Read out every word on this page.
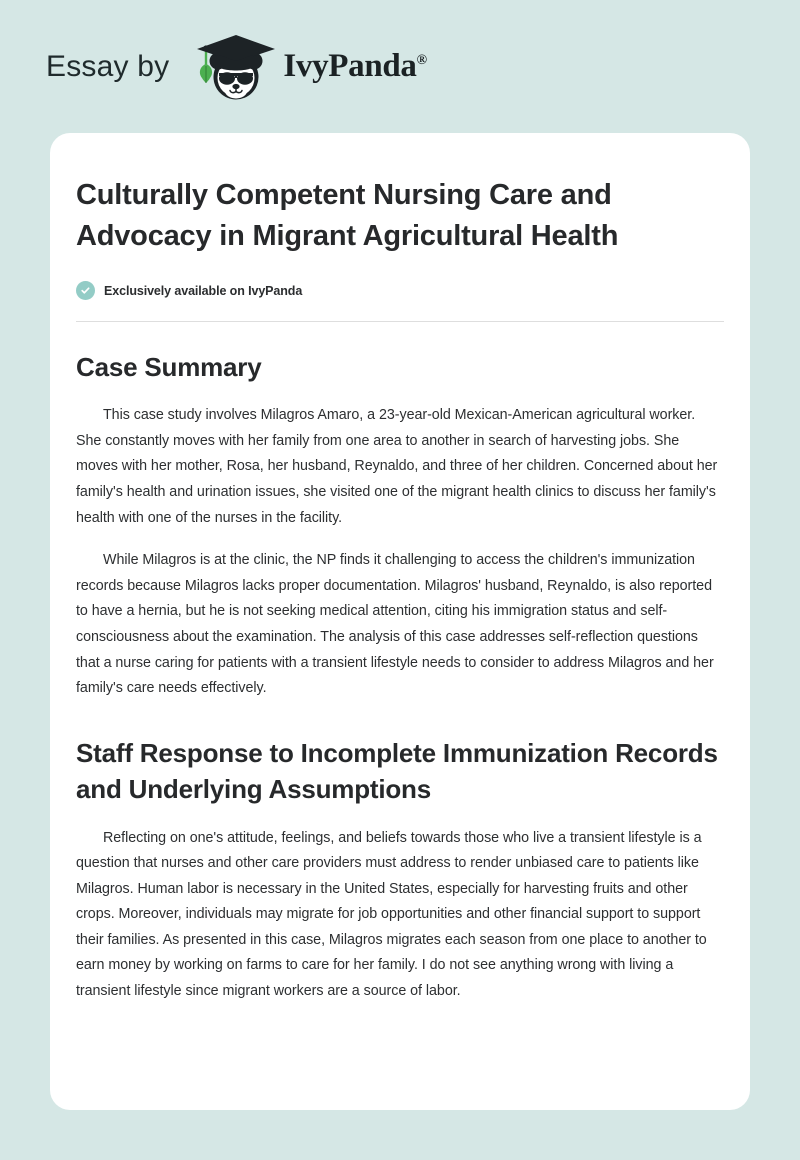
Essay by	IvyPanda®
Culturally Competent Nursing Care and Advocacy in Migrant Agricultural Health
Exclusively available on IvyPanda
Case Summary

This case study involves Milagros Amaro, a 23-year-old Mexican-American agricultural worker. She constantly moves with her family from one area to another in search of harvesting jobs. She moves with her mother, Rosa, her husband, Reynaldo, and three of her children. Concerned about her family's health and urination issues, she visited one of the migrant health clinics to discuss her family's health with one of the nurses in the facility.

While Milagros is at the clinic, the NP finds it challenging to access the children's immunization records because Milagros lacks proper documentation. Milagros' husband, Reynaldo, is also reported to have a hernia, but he is not seeking medical attention, citing his immigration status and self-consciousness about the examination. The analysis of this case addresses self-reflection questions that a nurse caring for patients with a transient lifestyle needs to consider to address Milagros and her family's care needs effectively.

Staff Response to Incomplete Immunization Records and Underlying Assumptions

Reflecting on one's attitude, feelings, and beliefs towards those who live a transient lifestyle is a question that nurses and other care providers must address to render unbiased care to patients like Milagros. Human labor is necessary in the United States, especially for harvesting fruits and other crops. Moreover, individuals may migrate for job opportunities and other financial support to support their families. As presented in this case, Milagros migrates each season from one place to another to earn money by working on farms to care for her family. I do not see anything wrong with living a transient lifestyle since migrant workers are a source of labor.
